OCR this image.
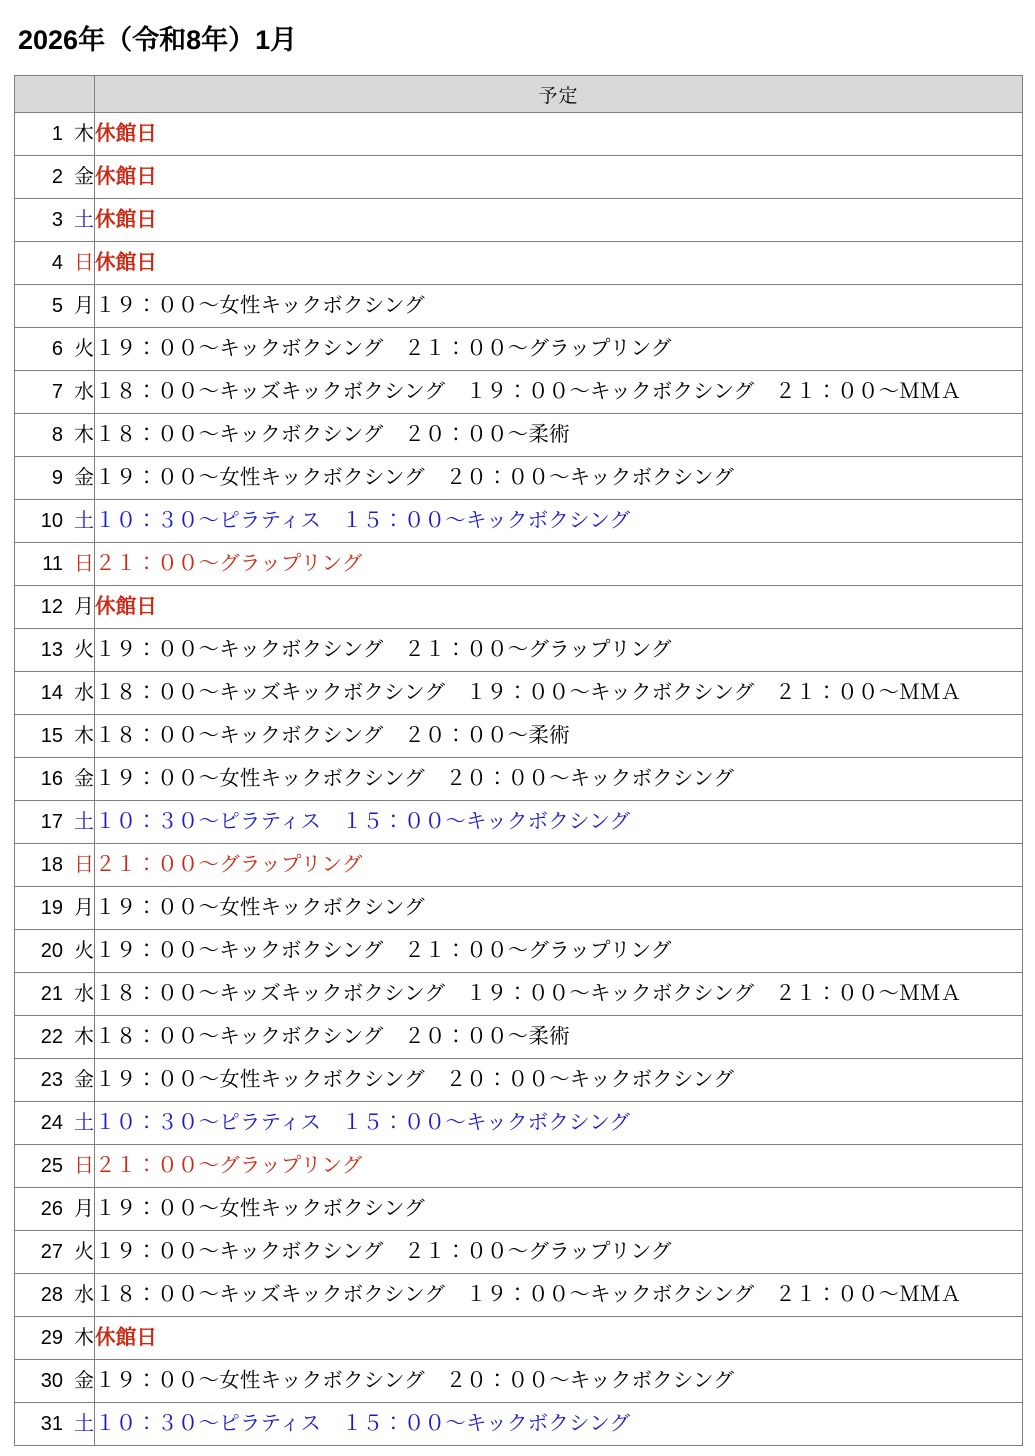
2026年（令和8年）1月
	予定
1 木	休館日
2 金	休館日
3 土	休館日
4 日	休館日
5 月	１９：００～女性キックボクシング
6 火	１９：００～キックボクシング　２１：００～グラップリング
7 水	１８：００～キッズキックボクシング　１９：００～キックボクシング　２１：００～ＭＭＡ
8 木	１８：００～キックボクシング　２０：００～柔術
9 金	１９：００～女性キックボクシング　２０：００～キックボクシング
10 土	１０：３０～ピラティス　１５：００～キックボクシング
11 日	２１：００～グラップリング
12 月	休館日
13 火	１９：００～キックボクシング　２１：００～グラップリング
14 水	１８：００～キッズキックボクシング　１９：００～キックボクシング　２１：００～ＭＭＡ
15 木	１８：００～キックボクシング　２０：００～柔術
16 金	１９：００～女性キックボクシング　２０：００～キックボクシング
17 土	１０：３０～ピラティス　１５：００～キックボクシング
18 日	２１：００～グラップリング
19 月	１９：００～女性キックボクシング
20 火	１９：００～キックボクシング　２１：００～グラップリング
21 水	１８：００～キッズキックボクシング　１９：００～キックボクシング　２１：００～ＭＭＡ
22 木	１８：００～キックボクシング　２０：００～柔術
23 金	１９：００～女性キックボクシング　２０：００～キックボクシング
24 土	１０：３０～ピラティス　１５：００～キックボクシング
25 日	２１：００～グラップリング
26 月	１９：００～女性キックボクシング
27 火	１９：００～キックボクシング　２１：００～グラップリング
28 水	１８：００～キッズキックボクシング　１９：００～キックボクシング　２１：００～ＭＭＡ
29 木	休館日
30 金	１９：００～女性キックボクシング　２０：００～キックボクシング
31 土	１０：３０～ピラティス　１５：００～キックボクシング
